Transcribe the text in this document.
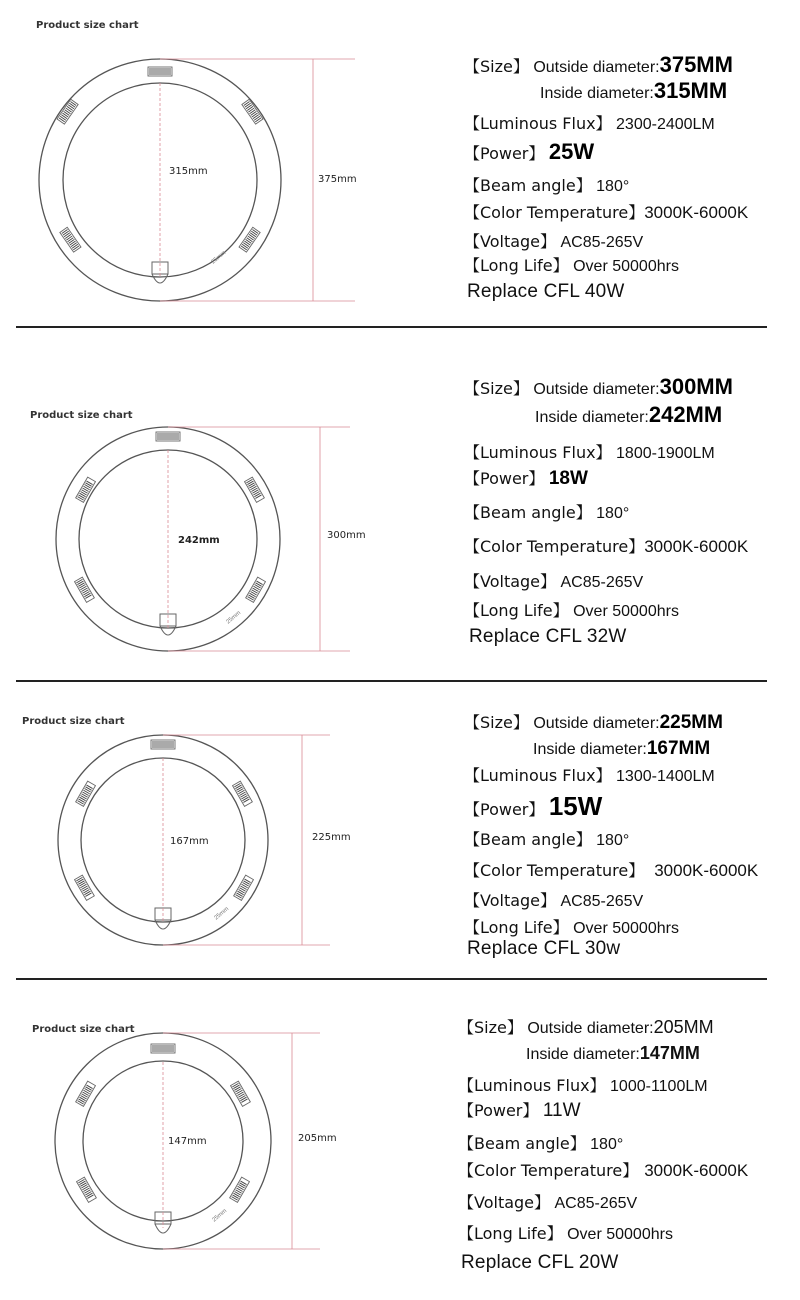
Product size chart
25mm
315mm
375mm
【Size】 Outside diameter:375MM
Inside diameter:315MM
【Luminous Flux】 2300-2400LM
【Power】 25W
【Beam angle】 180°
【Color Temperature】3000K-6000K
【Voltage】 AC85-265V
【Long Life】 Over 50000hrs
Replace CFL 40W
Product size chart
25mm
242mm	300mm
【Size】 Outside diameter:300MM
Inside diameter:242MM
【Luminous Flux】 1800-1900LM
【Power】 18W
【Beam angle】 180°
【Color Temperature】3000K-6000K
【Voltage】 AC85-265V
【Long Life】 Over 50000hrs
Replace CFL 32W
Product size chart
25mm
167mm	225mm
【Size】 Outside diameter:225MM
Inside diameter:167MM
【Luminous Flux】 1300-1400LM
【Power】 15W
【Beam angle】 180°
【Color Temperature】 3000K-6000K
【Voltage】 AC85-265V
【Long Life】 Over 50000hrs
Replace CFL 30w
Product size chart
25mm
147mm	205mm
【Size】 Outside diameter:205MM
Inside diameter:147MM
【Luminous Flux】 1000-1100LM
【Power】 11W
【Beam angle】 180°
【Color Temperature】 3000K-6000K
【Voltage】 AC85-265V
【Long Life】 Over 50000hrs
Replace CFL 20W
